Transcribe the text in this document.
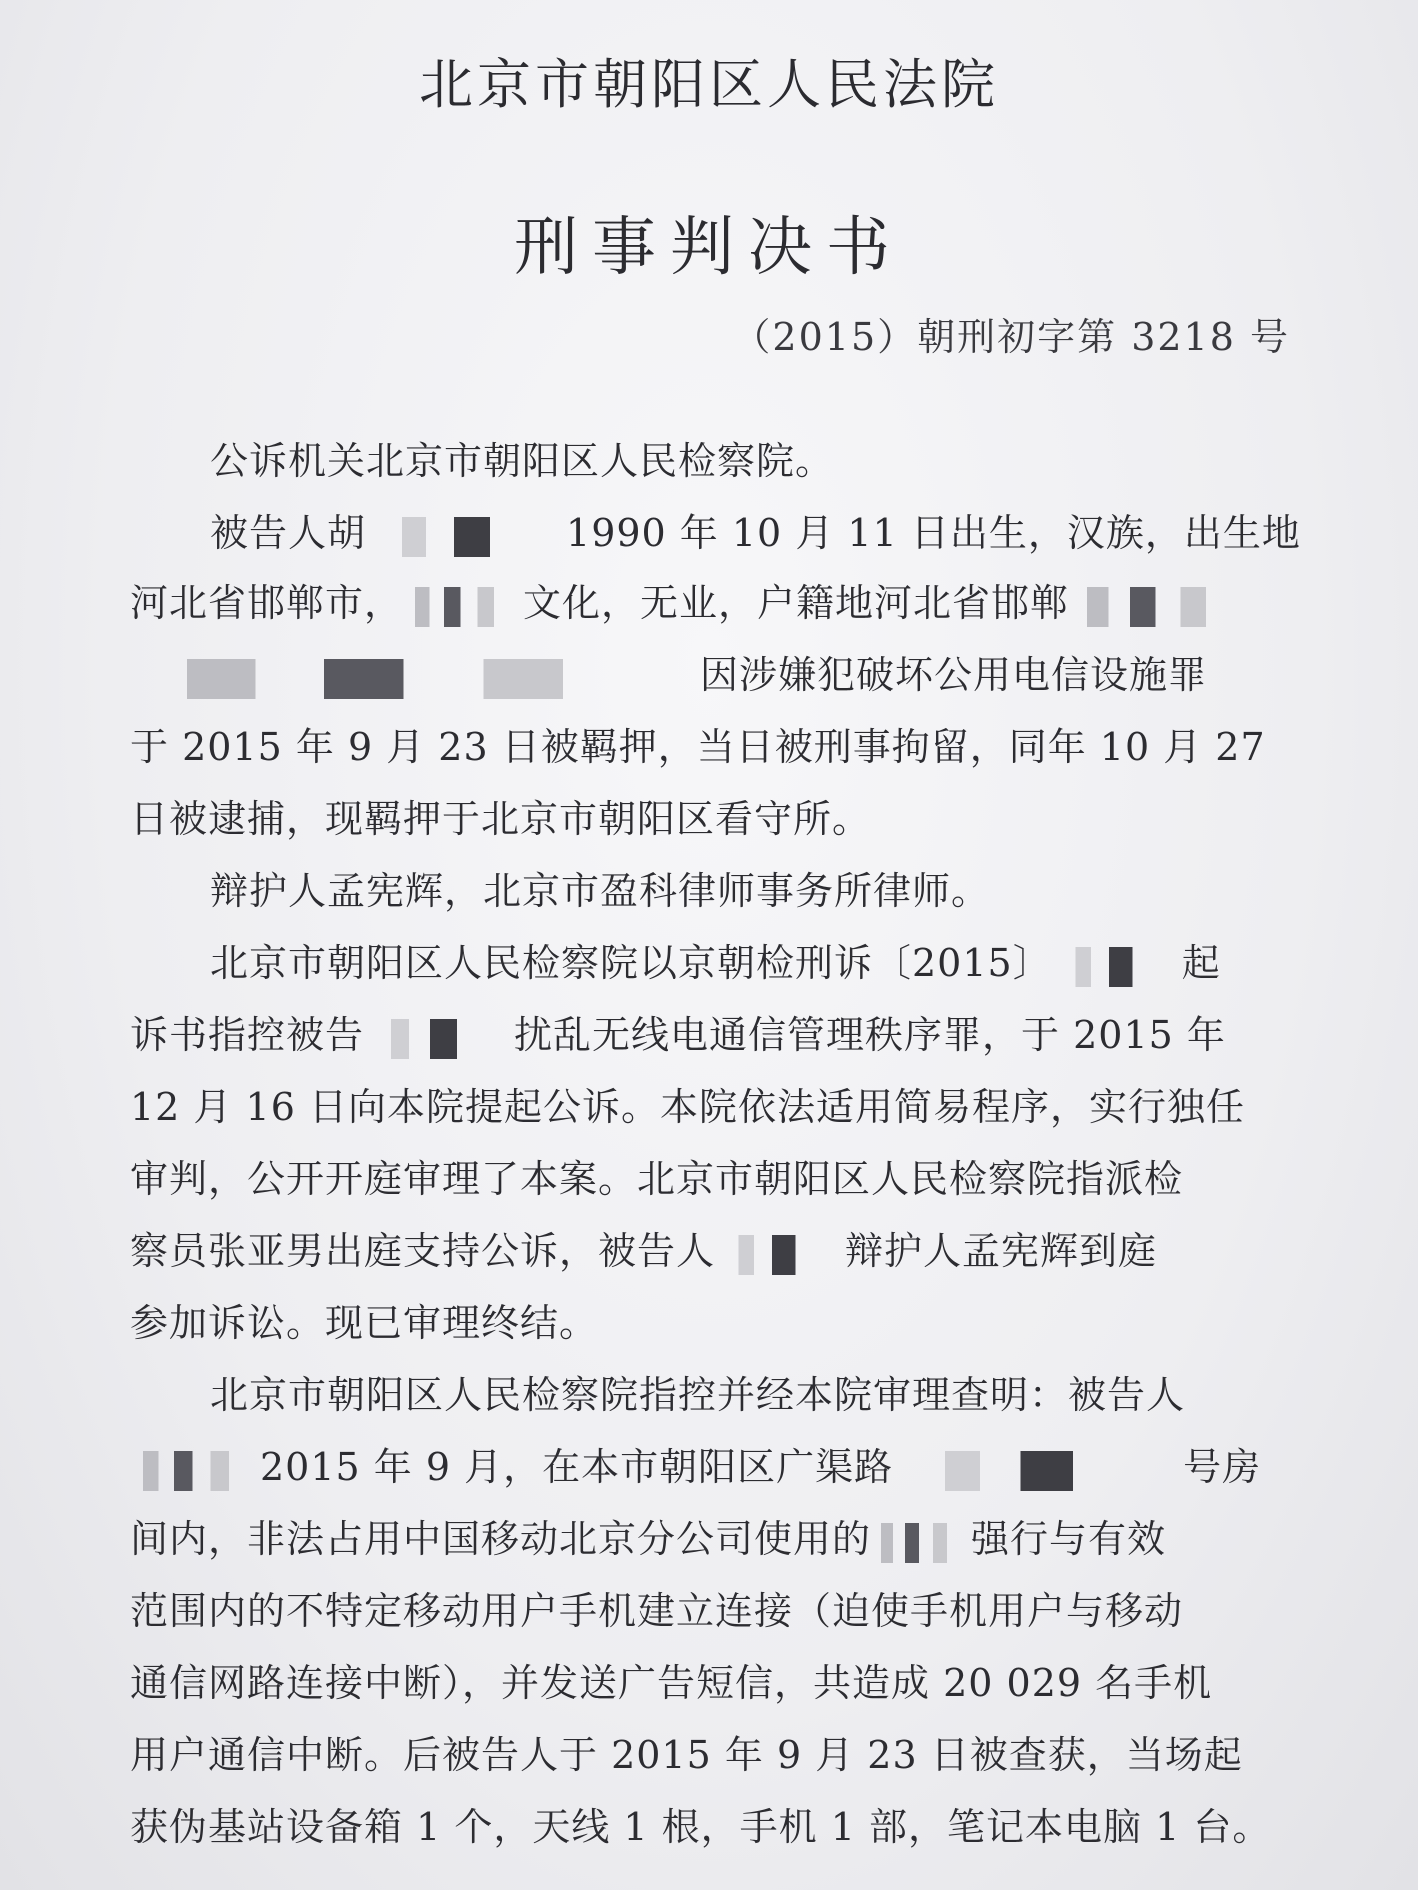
北京市朝阳区人民法院
刑事判决书
（2015）朝刑初字第 3218 号
公诉机关北京市朝阳区人民检察院。
被告人胡	1990 年 10 月 11 日出生，汉族，出生地
河北省邯郸市，	文化，无业，户籍地河北省邯郸
因涉嫌犯破坏公用电信设施罪
于 2015 年 9 月 23 日被羁押，当日被刑事拘留，同年 10 月 27
日被逮捕，现羁押于北京市朝阳区看守所。
辩护人孟宪辉，北京市盈科律师事务所律师。
北京市朝阳区人民检察院以京朝检刑诉〔2015〕	起
诉书指控被告	扰乱无线电通信管理秩序罪，于 2015 年
12 月 16 日向本院提起公诉。本院依法适用简易程序，实行独任
审判，公开开庭审理了本案。北京市朝阳区人民检察院指派检
察员张亚男出庭支持公诉，被告人	辩护人孟宪辉到庭
参加诉讼。现已审理终结。
北京市朝阳区人民检察院指控并经本院审理查明：被告人
2015 年 9 月，在本市朝阳区广渠路	号房
间内，非法占用中国移动北京分公司使用的	强行与有效
范围内的不特定移动用户手机建立连接（迫使手机用户与移动
通信网路连接中断），并发送广告短信，共造成 20 029 名手机
用户通信中断。后被告人于 2015 年 9 月 23 日被查获，当场起
获伪基站设备箱 1 个，天线 1 根，手机 1 部，笔记本电脑 1 台。
